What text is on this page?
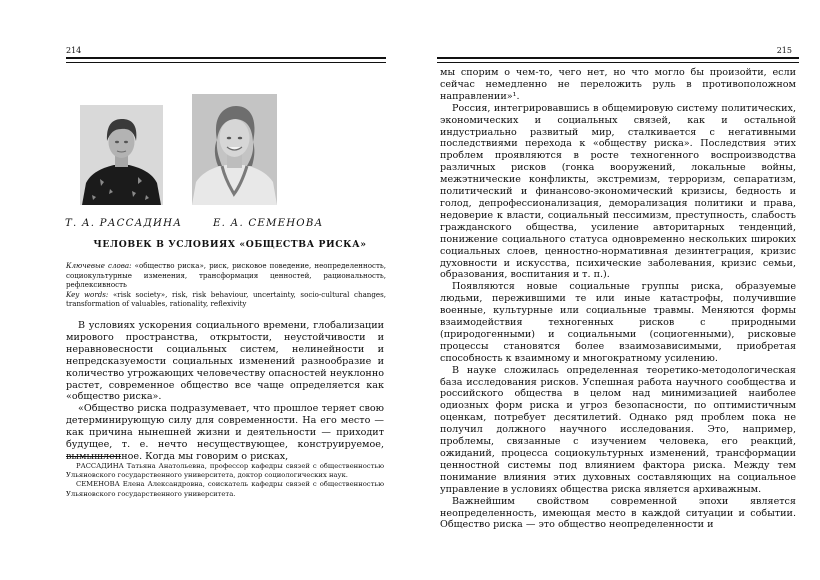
214
Т. А. РАССАДИНА	Е. А. СЕМЕНОВА
ЧЕЛОВЕК В УСЛОВИЯХ «ОБЩЕСТВА РИСКА»
Ключевые слова: «общество риска», риск, рисковое поведение, неопределенность, социокультурные изменения, трансформация ценностей, рациональность, рефлексивность
Key words: «risk society», risk, risk behaviour, uncertainty, socio-cultural changes, transformation of valuables, rationality, reflexivity

В условиях ускорения социального времени, глобализации мирового пространства, открытости, неустойчивости и неравновесности социальных систем, нелинейности и непредсказуемости социальных изменений разнообразие и количество угрожающих человечеству опасностей неуклонно растет, современное общество все чаще определяется как «общество риска».

«Общество риска подразумевает, что прошлое теряет свою детерминирующую силу для современности. На его место — как причина нынешней жизни и деятельности — приходит будущее, т. е. нечто несуществующее, конструируемое, вымышленное. Когда мы говорим о рисках,

РАССАДИНА Татьяна Анатольевна, профессор кафедры связей с общественностью Ульяновского государственного университета, доктор социологических наук.

СЕМЕНОВА Елена Александровна, соискатель кафедры связей с общественностью Ульяновского государственного университета.

215

мы спорим о чем-то, чего нет, но что могло бы произойти, если сейчас немедленно не переложить руль в противоположном направлении»¹.

Россия, интегрировавшись в общемировую систему политических, экономических и социальных связей, как и остальной индустриально развитый мир, сталкивается с негативными последствиями перехода к «обществу риска». Последствия этих проблем проявляются в росте техногенного воспроизводства различных рисков (гонка вооружений, локальные войны, межэтнические конфликты, экстремизм, терроризм, сепаратизм, политический и финансово-экономический кризисы, бедность и голод, депрофессионализация, деморализация политики и права, недоверие к власти, социальный пессимизм, преступность, слабость гражданского общества, усиление авторитарных тенденций, понижение социального статуса одновременно нескольких широких социальных слоев, ценностно-нормативная дезинтеграция, кризис духовности и искусства, психические заболевания, кризис семьи, образования, воспитания и т. п.).

Появляются новые социальные группы риска, образуемые людьми, пережившими те или иные катастрофы, получившие военные, культурные или социальные травмы. Меняются формы взаимодействия техногенных рисков с природными (природогенными) и социальными (социогенными), рисковые процессы становятся более взаимозависимыми, приобретая способность к взаимному и многократному усилению.

В науке сложилась определенная теоретико-методологическая база исследования рисков. Успешная работа научного сообщества и российского общества в целом над минимизацией наиболее одиозных форм риска и угроз безопасности, по оптимистичным оценкам, потребует десятилетий. Однако ряд проблем пока не получил должного научного исследования. Это, например, проблемы, связанные с изучением человека, его реакций, ожиданий, процесса социокультурных изменений, трансформации ценностной системы под влиянием фактора риска. Между тем понимание влияния этих духовных составляющих на социальное управление в условиях общества риска является архиважным.

Важнейшим свойством современной эпохи является неопределенность, имеющая место в каждой ситуации и событии. Общество риска — это общество неопределенности и
